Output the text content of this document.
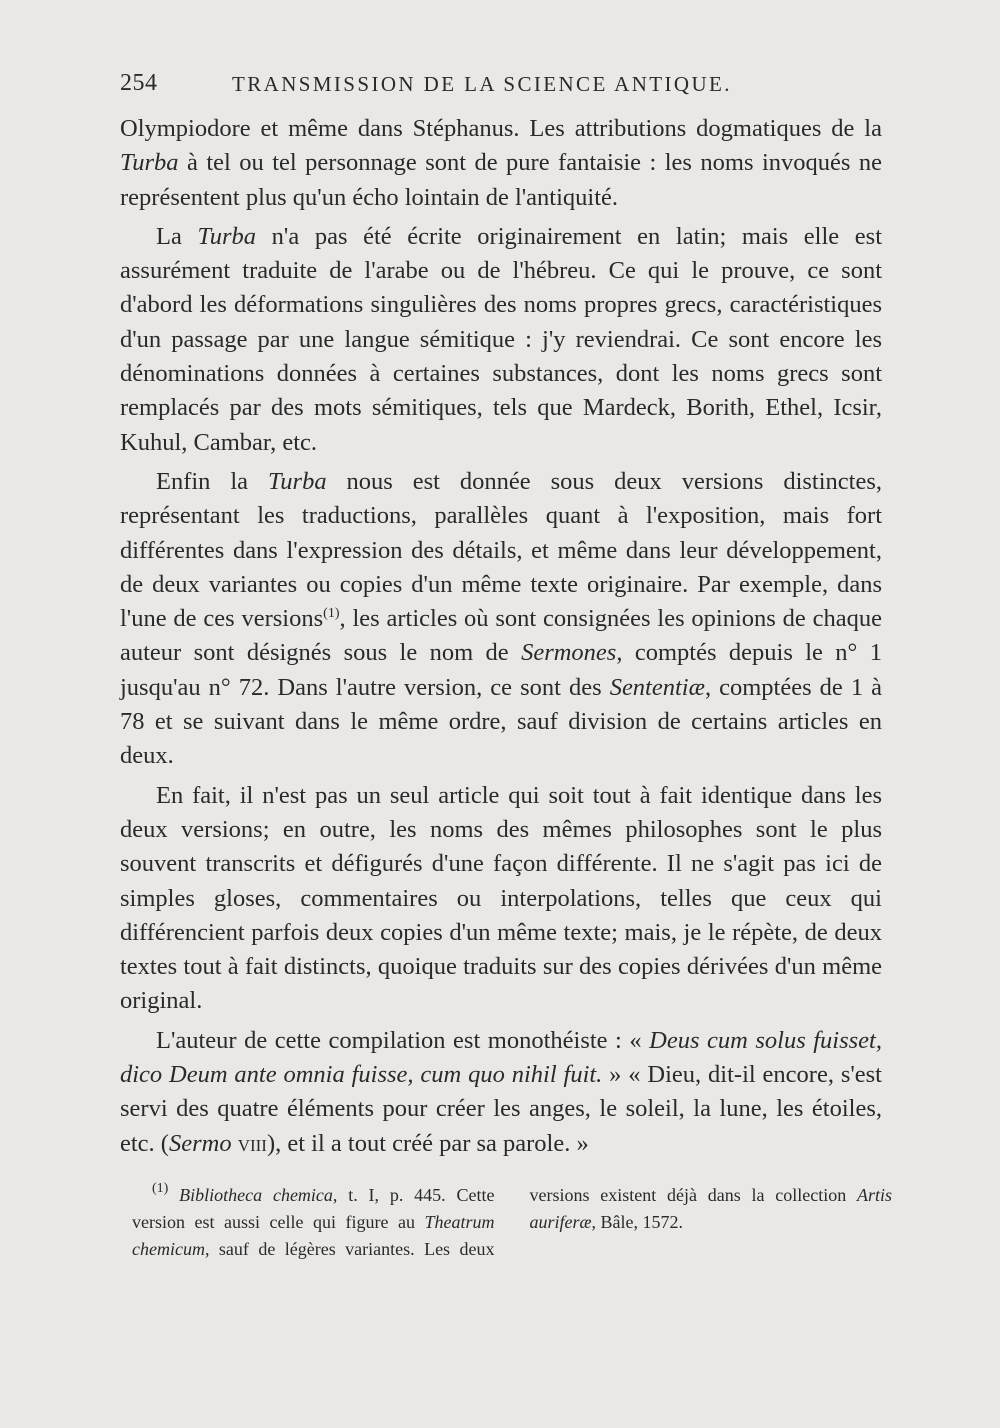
254	TRANSMISSION DE LA SCIENCE ANTIQUE.

Olympiodore et même dans Stéphanus. Les attributions dogmatiques de la Turba à tel ou tel personnage sont de pure fantaisie : les noms invoqués ne représentent plus qu'un écho lointain de l'antiquité.

La Turba n'a pas été écrite originairement en latin; mais elle est assurément traduite de l'arabe ou de l'hébreu. Ce qui le prouve, ce sont d'abord les déformations singulières des noms propres grecs, caractéristiques d'un passage par une langue sémitique : j'y reviendrai. Ce sont encore les dénominations données à certaines substances, dont les noms grecs sont remplacés par des mots sémitiques, tels que Mardeck, Borith, Ethel, Icsir, Kuhul, Cambar, etc.

Enfin la Turba nous est donnée sous deux versions distinctes, représentant les traductions, parallèles quant à l'exposition, mais fort différentes dans l'expression des détails, et même dans leur développement, de deux variantes ou copies d'un même texte originaire. Par exemple, dans l'une de ces versions$^{(1)}$, les articles où sont consignées les opinions de chaque auteur sont désignés sous le nom de Sermones, comptés depuis le n° 1 jusqu'au n° 72. Dans l'autre version, ce sont des Sententiæ, comptées de 1 à 78 et se suivant dans le même ordre, sauf division de certains articles en deux.

En fait, il n'est pas un seul article qui soit tout à fait identique dans les deux versions; en outre, les noms des mêmes philosophes sont le plus souvent transcrits et défigurés d'une façon différente. Il ne s'agit pas ici de simples gloses, commentaires ou interpolations, telles que ceux qui différencient parfois deux copies d'un même texte; mais, je le répète, de deux textes tout à fait distincts, quoique traduits sur des copies dérivées d'un même original.

L'auteur de cette compilation est monothéiste : « Deus cum solus fuisset, dico Deum ante omnia fuisse, cum quo nihil fuit. » « Dieu, dit-il encore, s'est servi des quatre éléments pour créer les anges, le soleil, la lune, les étoiles, etc. (Sermo viii), et il a tout créé par sa parole. »

$^{(1)}$ Bibliotheca chemica, t. I, p. 445. Cette version est aussi celle qui figure au Theatrum chemicum, sauf de légères variantes. Les deux versions existent déjà dans la collection Artis auriferæ, Bâle, 1572.
